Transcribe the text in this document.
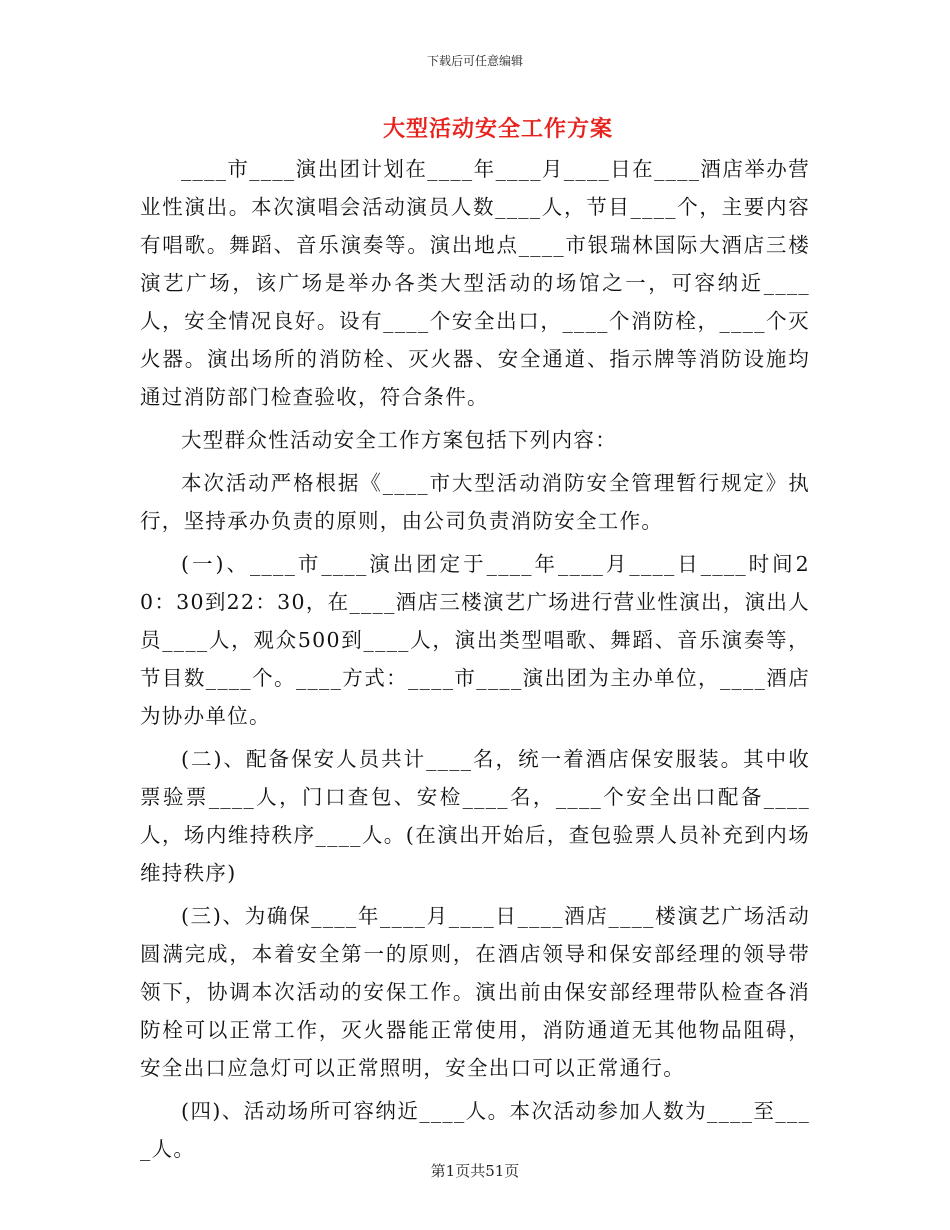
下载后可任意编辑
大型活动安全工作方案

____市____演出团计划在____年____月____日在____酒店举办营业性演出。本次演唱会活动演员人数____人，节目____个，主要内容有唱歌。舞蹈、音乐演奏等。演出地点____市银瑞林国际大酒店三楼演艺广场，该广场是举办各类大型活动的场馆之一，可容纳近____人，安全情况良好。设有____个安全出口，____个消防栓，____个灭火器。演出场所的消防栓、灭火器、安全通道、指示牌等消防设施均通过消防部门检查验收，符合条件。

大型群众性活动安全工作方案包括下列内容：

本次活动严格根据《____市大型活动消防安全管理暂行规定》执行，坚持承办负责的原则，由公司负责消防安全工作。

(一)、____市____演出团定于____年____月____日____时间20：30到22：30，在____酒店三楼演艺广场进行营业性演出，演出人员____人，观众500到____人，演出类型唱歌、舞蹈、音乐演奏等，节目数____个。____方式：____市____演出团为主办单位，____酒店为协办单位。

(二)、配备保安人员共计____名，统一着酒店保安服装。其中收票验票____人，门口查包、安检____名，____个安全出口配备____人，场内维持秩序____人。(在演出开始后，查包验票人员补充到内场维持秩序)

(三)、为确保____年____月____日____酒店____楼演艺广场活动圆满完成，本着安全第一的原则，在酒店领导和保安部经理的领导带领下，协调本次活动的安保工作。演出前由保安部经理带队检查各消防栓可以正常工作，灭火器能正常使用，消防通道无其他物品阻碍，安全出口应急灯可以正常照明，安全出口可以正常通行。

(四)、活动场所可容纳近____人。本次活动参加人数为____至____人。

第1页共51页
